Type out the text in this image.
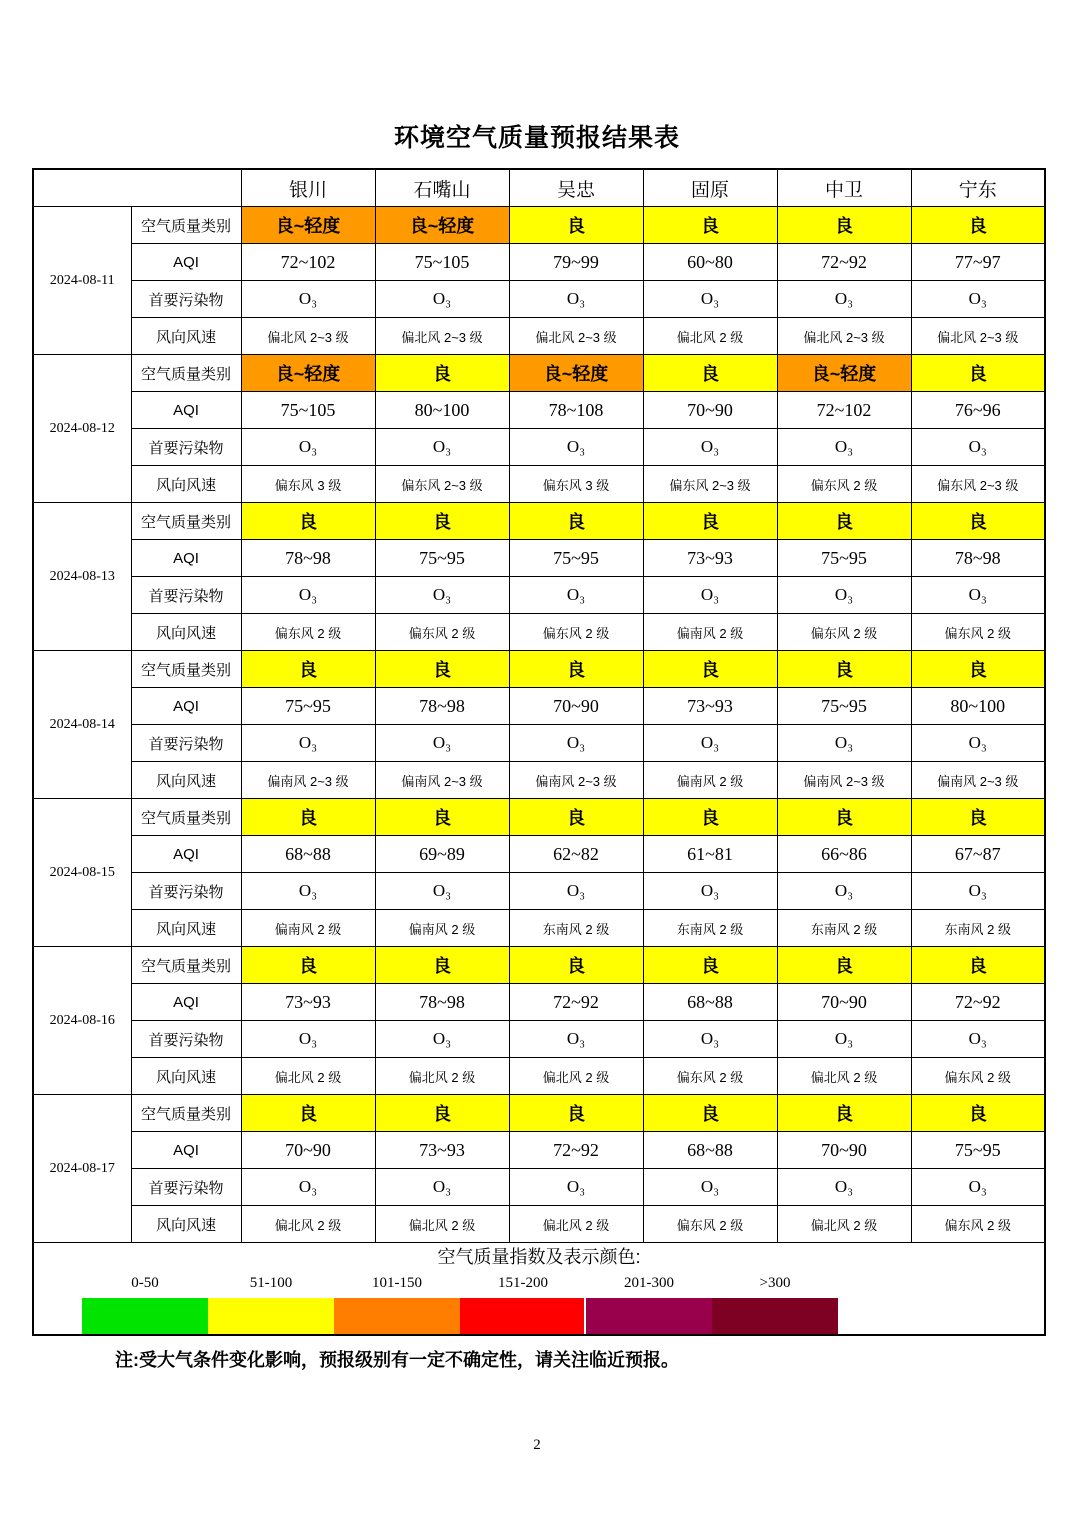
环境空气质量预报结果表
		银川	石嘴山	吴忠	固原	中卫	宁东
2024-08-11	空气质量类别	良~轻度	良~轻度	良	良	良	良
	AQI	72~102	75~105	79~99	60~80	72~92	77~97
	首要污染物	O₃	O₃	O₃	O₃	O₃	O₃
	风向风速	偏北风 2~3 级	偏北风 2~3 级	偏北风 2~3 级	偏北风 2 级	偏北风 2~3 级	偏北风 2~3 级
2024-08-12	空气质量类别	良~轻度	良	良~轻度	良	良~轻度	良
	AQI	75~105	80~100	78~108	70~90	72~102	76~96
	首要污染物	O₃	O₃	O₃	O₃	O₃	O₃
	风向风速	偏东风 3 级	偏东风 2~3 级	偏东风 3 级	偏东风 2~3 级	偏东风 2 级	偏东风 2~3 级
2024-08-13	空气质量类别	良	良	良	良	良	良
	AQI	78~98	75~95	75~95	73~93	75~95	78~98
	首要污染物	O₃	O₃	O₃	O₃	O₃	O₃
	风向风速	偏东风 2 级	偏东风 2 级	偏东风 2 级	偏南风 2 级	偏东风 2 级	偏东风 2 级
2024-08-14	空气质量类别	良	良	良	良	良	良
	AQI	75~95	78~98	70~90	73~93	75~95	80~100
	首要污染物	O₃	O₃	O₃	O₃	O₃	O₃
	风向风速	偏南风 2~3 级	偏南风 2~3 级	偏南风 2~3 级	偏南风 2 级	偏南风 2~3 级	偏南风 2~3 级
2024-08-15	空气质量类别	良	良	良	良	良	良
	AQI	68~88	69~89	62~82	61~81	66~86	67~87
	首要污染物	O₃	O₃	O₃	O₃	O₃	O₃
	风向风速	偏南风 2 级	偏南风 2 级	东南风 2 级	东南风 2 级	东南风 2 级	东南风 2 级
2024-08-16	空气质量类别	良	良	良	良	良	良
	AQI	73~93	78~98	72~92	68~88	70~90	72~92
	首要污染物	O₃	O₃	O₃	O₃	O₃	O₃
	风向风速	偏北风 2 级	偏北风 2 级	偏北风 2 级	偏东风 2 级	偏北风 2 级	偏东风 2 级
2024-08-17	空气质量类别	良	良	良	良	良	良
	AQI	70~90	73~93	72~92	68~88	70~90	75~95
	首要污染物	O₃	O₃	O₃	O₃	O₃	O₃
	风向风速	偏北风 2 级	偏北风 2 级	偏北风 2 级	偏东风 2 级	偏北风 2 级	偏东风 2 级

空气质量指数及表示颜色:
0-50	51-100	101-150	151-200	201-300	>300
注:受大气条件变化影响，预报级别有一定不确定性，请关注临近预报。
2
